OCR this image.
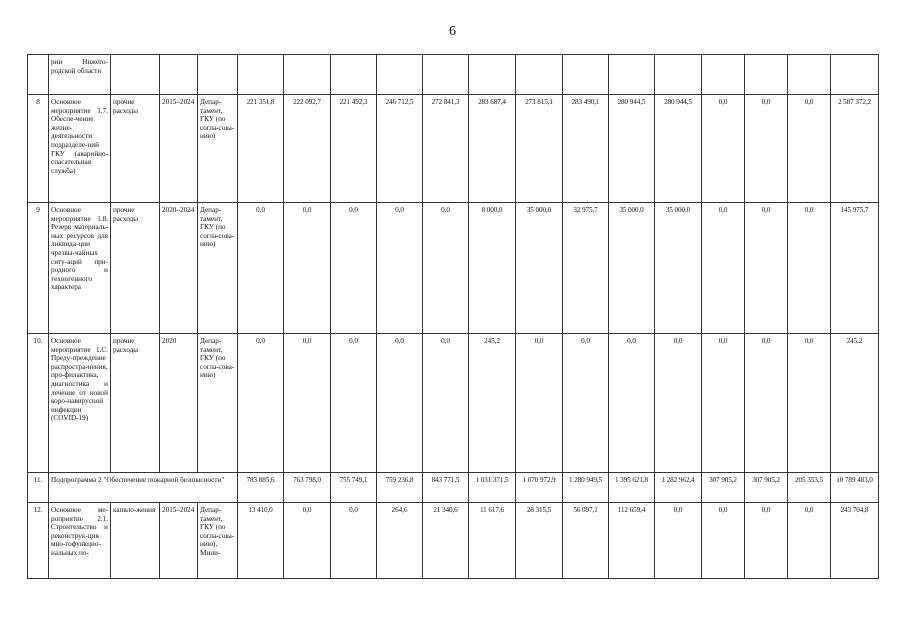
6
	рии Нижего-родской области																	
8	Основное мероприятие 1.7. Обеспе-чение жизне-деятельности подразделе-ний ГКУ (аварийно-спасательная служба)	прочие расходы	2015–2024	Депар-тамент, ГКУ (по согла-сова-нию)	221 351,8	222 092,7	221 492,3	246 712,5	272 841,3	283 687,4	273 815,1	283 490,1	280 944,5	280 944,5	0,0	0,0	0,0	2 587 372,2
9	Основное мероприятие 1.8. Резерв материаль-ных ресурсов для ликвида-ции чрезвы-чайных ситу-аций при-родного и техногенного характера	прочие расходы	2020–2024	Депар-тамент, ГКУ (по согла-сова-нию)	0,0	0,0	0,0	0,0	0,0	8 000,0	35 000,0	32 975,7	35 000,0	35 000,0	0,0	0,0	0,0	145 975,7
10.	Основное мероприятие 1.С. Преду-преждение распростра-нения, про-филактика, диагностика и лечение от новой коро-навирусной инфекции (COVID-19)	прочие расходы	2020	Депар-тамент, ГКУ (по согла-сова-нию)	0,0	0,0	0,0	0,0	0,0	245,2	0,0	0,0	0,0	0,0	0,0	0,0	0,0	245,2
11.	Подпрограмма 2 "Обеспечение пожарной безопасности"				783 885,6	763 798,0	755 749,1	759 236,8	843 771,5	1 031 371,5	1 070 972,9	1 280 949,5	1 395 621,8	1 282 962,4	307 905,2	307 905,2	205 353,5	10 789 483,0
12.	Основное ме-роприятие 2.1. Строительство и реконструк-ция мно-гофункцио-нальных по-	капвло-жения	2015–2024	Депар-тамент, ГКУ (по согла-сова-нию), Мини-	13 410,0	0,0	0,0	264,6	21 340,6	11 617,6	28 315,5	56 097,1	112 659,4	0,0	0,0	0,0	0,0	243 704,8
